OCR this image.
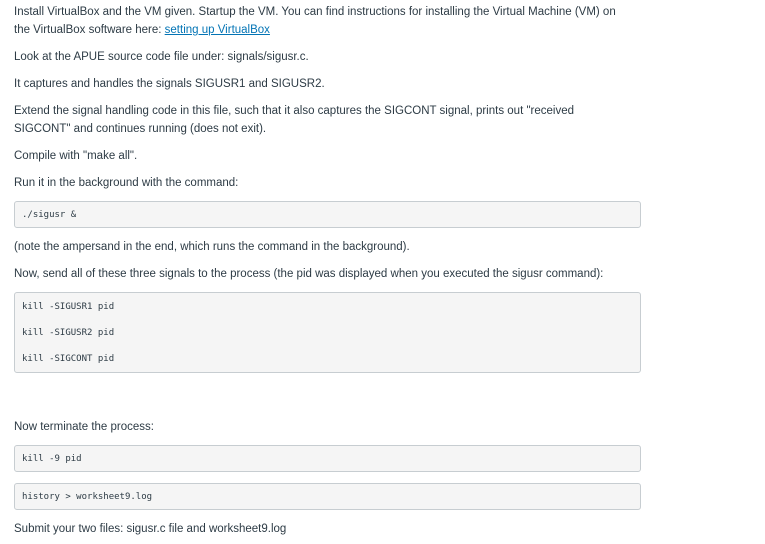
Install VirtualBox and the VM given. Startup the VM. You can find instructions for installing the Virtual Machine (VM) on

the VirtualBox software here: setting up VirtualBox

Look at the APUE source code file under: signals/sigusr.c.

It captures and handles the signals SIGUSR1 and SIGUSR2.

Extend the signal handling code in this file, such that it also captures the SIGCONT signal, prints out "received

SIGCONT" and continues running (does not exit).

Compile with "make all".

Run it in the background with the command:

./sigusr &

(note the ampersand in the end, which runs the command in the background).

Now, send all of these three signals to the process (the pid was displayed when you executed the sigusr command):

kill -SIGUSR1 pid
kill -SIGUSR2 pid
kill -SIGCONT pid

Now terminate the process:

kill -9 pid
history > worksheet9.log

Submit your two files: sigusr.c file and worksheet9.log
